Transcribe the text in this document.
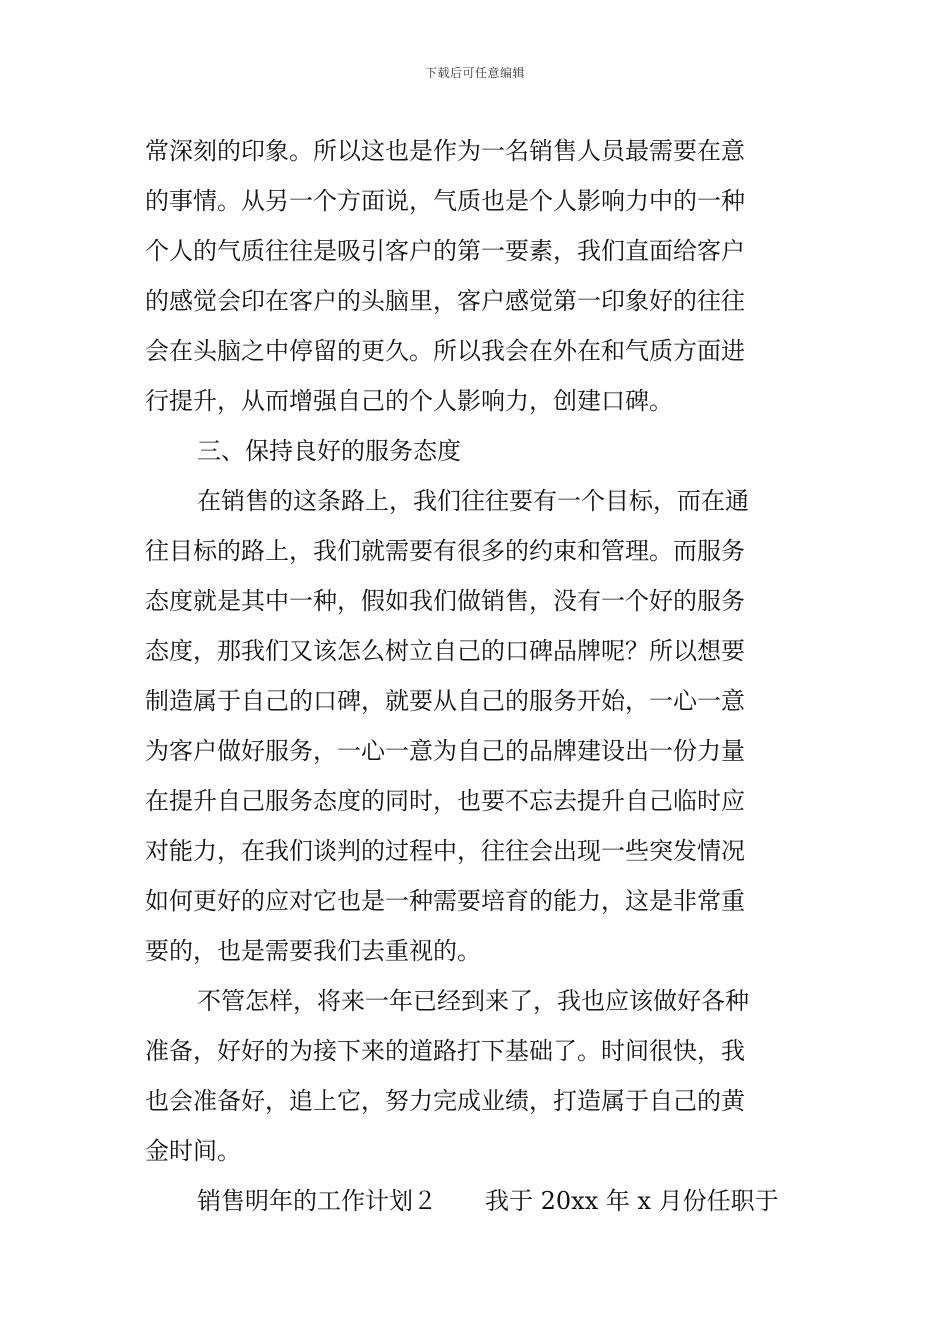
下载后可任意编辑
常深刻的印象。所以这也是作为一名销售人员最需要在意
的事情。从另一个方面说，气质也是个人影响力中的一种
个人的气质往往是吸引客户的第一要素，我们直面给客户
的感觉会印在客户的头脑里，客户感觉第一印象好的往往
会在头脑之中停留的更久。所以我会在外在和气质方面进
行提升，从而增强自己的个人影响力，创建口碑。
三、保持良好的服务态度
在销售的这条路上，我们往往要有一个目标，而在通
往目标的路上，我们就需要有很多的约束和管理。而服务
态度就是其中一种，假如我们做销售，没有一个好的服务
态度，那我们又该怎么树立自己的口碑品牌呢？所以想要
制造属于自己的口碑，就要从自己的服务开始，一心一意
为客户做好服务，一心一意为自己的品牌建设出一份力量
在提升自己服务态度的同时，也要不忘去提升自己临时应
对能力，在我们谈判的过程中，往往会出现一些突发情况
如何更好的应对它也是一种需要培育的能力，这是非常重
要的，也是需要我们去重视的。
不管怎样，将来一年已经到来了，我也应该做好各种
准备，好好的为接下来的道路打下基础了。时间很快，我
也会准备好，追上它，努力完成业绩，打造属于自己的黄
金时间。
销售明年的工作计划２　　我于 20xx 年 x 月份任职于
